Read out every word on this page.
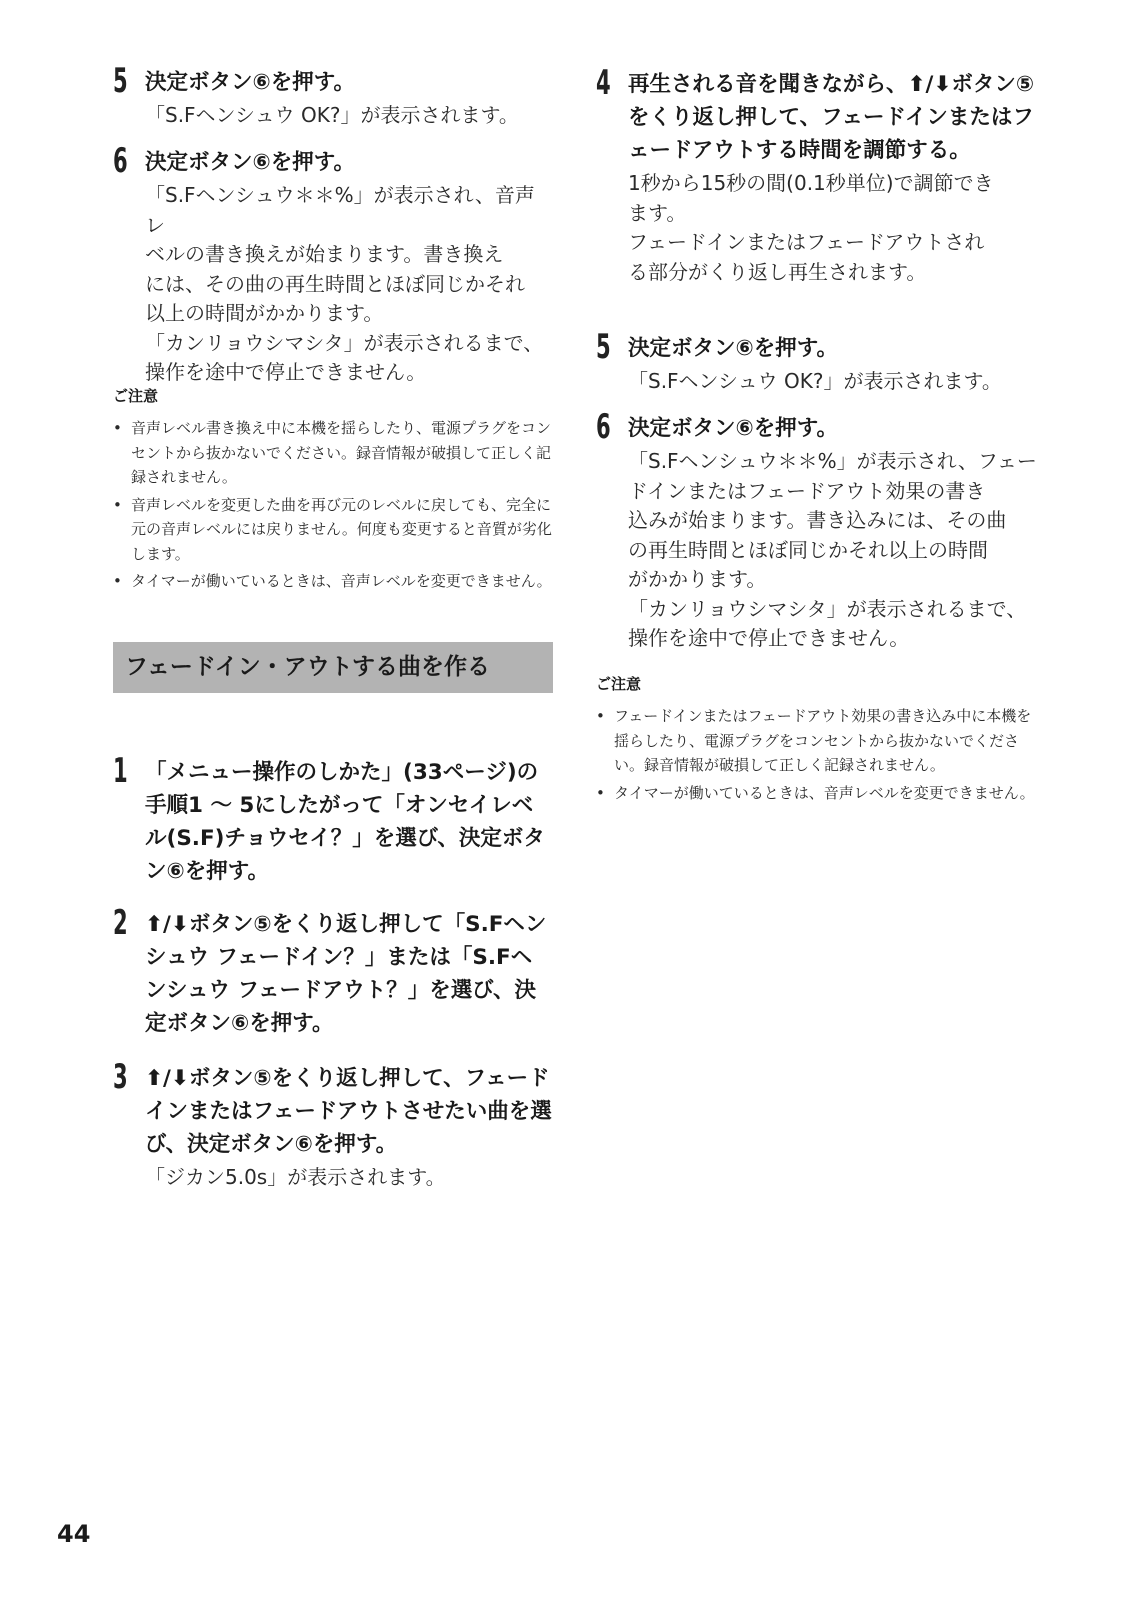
5 決定ボタン⑥を押す。

「S.Fヘンシュウ OK?」が表示されます。

6 決定ボタン⑥を押す。

「S.Fヘンシュウ＊＊%」が表示され、音声レ

ベルの書き換えが始まります。書き換え

には、その曲の再生時間とほぼ同じかそれ

以上の時間がかかります。

「カンリョウシマシタ」が表示されるまで、

操作を途中で停止できません。

ご注意
• 音声レベル書き換え中に本機を揺らしたり、電源プラグをコンセントから抜かないでください。録音情報が破損して正しく記録されません。
• 音声レベルを変更した曲を再び元のレベルに戻しても、完全に元の音声レベルには戻りません。何度も変更すると音質が劣化します。
• タイマーが働いているときは、音声レベルを変更できません。
フェードイン・アウトする曲を作る
1 「メニュー操作のしかた」(33ページ)の手順1 ～ 5にしたがって「オンセイレベル(S.F)チョウセイ？」を選び、決定ボタン⑥を押す。
2 ⬆/⬇ボタン⑤をくり返し押して「S.Fヘンシュウ フェードイン？」または「S.Fヘンシュウ フェードアウト？」を選び、決定ボタン⑥を押す。
3 ⬆/⬇ボタン⑤をくり返し押して、フェードインまたはフェードアウトさせたい曲を選び、決定ボタン⑥を押す。

「ジカン5.0s」が表示されます。

4 再生される音を聞きながら、⬆/⬇ボタン⑤をくり返し押して、フェードインまたはフェードアウトする時間を調節する。

1秒から15秒の間(0.1秒単位)で調節でき

ます。

フェードインまたはフェードアウトされ

る部分がくり返し再生されます。

5 決定ボタン⑥を押す。

「S.Fヘンシュウ OK?」が表示されます。

6 決定ボタン⑥を押す。

「S.Fヘンシュウ＊＊%」が表示され、フェー

ドインまたはフェードアウト効果の書き

込みが始まります。書き込みには、その曲

の再生時間とほぼ同じかそれ以上の時間

がかかります。

「カンリョウシマシタ」が表示されるまで、

操作を途中で停止できません。

ご注意
• フェードインまたはフェードアウト効果の書き込み中に本機を揺らしたり、電源プラグをコンセントから抜かないでください。録音情報が破損して正しく記録されません。
• タイマーが働いているときは、音声レベルを変更できません。
44
